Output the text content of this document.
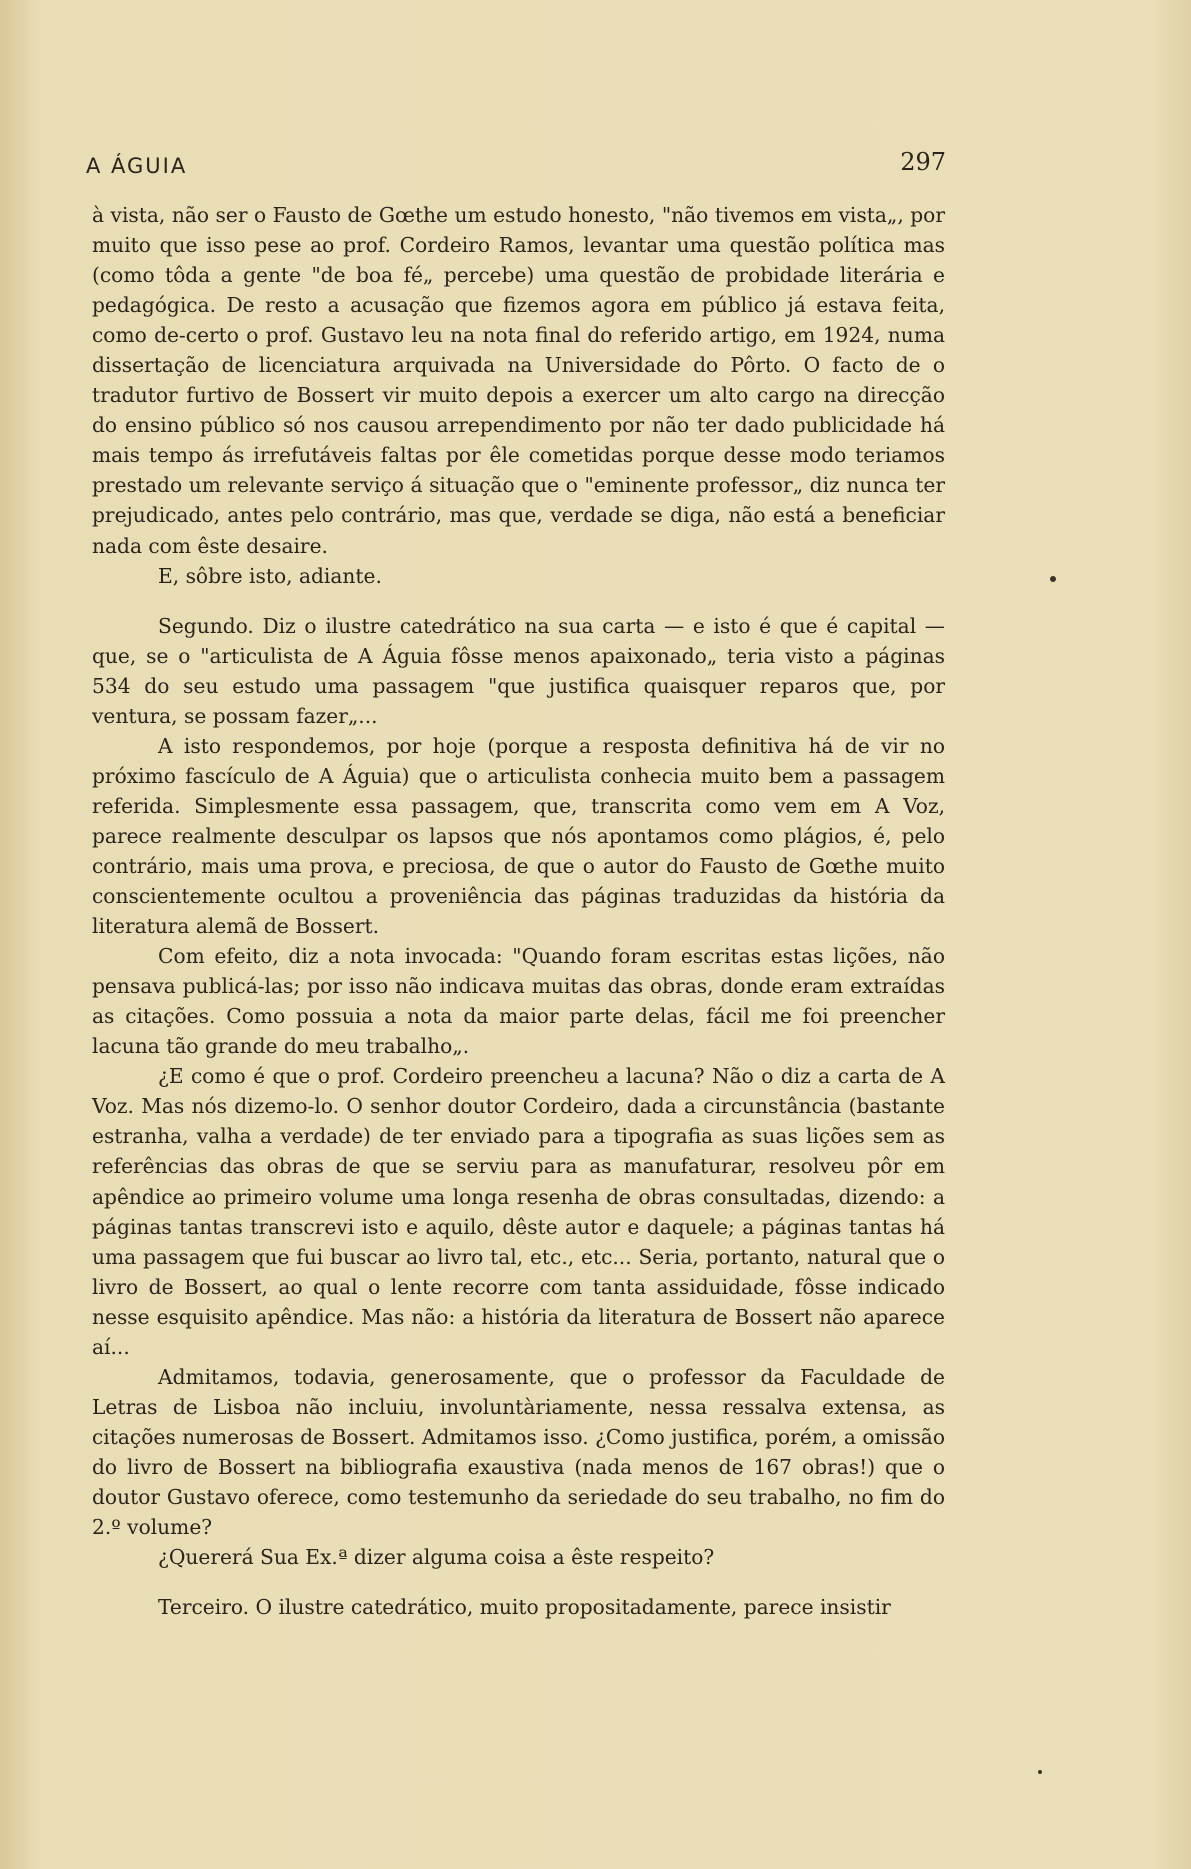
A ÁGUIA	297

à vista, não ser o Fausto de Gœthe um estudo honesto, "não tivemos em vista„, por muito que isso pese ao prof. Cordeiro Ramos, levantar uma questão política mas (como tôda a gente "de boa fé„ percebe) uma questão de probidade literária e pedagógica. De resto a acusação que fizemos agora em público já estava feita, como de-certo o prof. Gustavo leu na nota final do referido artigo, em 1924, numa dissertação de licenciatura arquivada na Universidade do Pôrto. O facto de o tradutor furtivo de Bossert vir muito depois a exercer um alto cargo na direcção do ensino público só nos causou arrependimento por não ter dado publicidade há mais tempo ás irrefutáveis faltas por êle cometidas porque desse modo teriamos prestado um relevante serviço á situação que o "eminente professor„ diz nunca ter prejudicado, antes pelo contrário, mas que, verdade se diga, não está a beneficiar nada com êste desaire.

E, sôbre isto, adiante.

Segundo. Diz o ilustre catedrático na sua carta — e isto é que é capital — que, se o "articulista de A Águia fôsse menos apaixonado„ teria visto a páginas 534 do seu estudo uma passagem "que justifica quaisquer reparos que, por ventura, se possam fazer„...

A isto respondemos, por hoje (porque a resposta definitiva há de vir no próximo fascículo de A Águia) que o articulista conhecia muito bem a passagem referida. Simplesmente essa passagem, que, transcrita como vem em A Voz, parece realmente desculpar os lapsos que nós apontamos como plágios, é, pelo contrário, mais uma prova, e preciosa, de que o autor do Fausto de Gœthe muito conscientemente ocultou a proveniência das páginas traduzidas da história da literatura alemã de Bossert.

Com efeito, diz a nota invocada: "Quando foram escritas estas lições, não pensava publicá-las; por isso não indicava muitas das obras, donde eram extraídas as citações. Como possuia a nota da maior parte delas, fácil me foi preencher lacuna tão grande do meu trabalho„.

¿E como é que o prof. Cordeiro preencheu a lacuna? Não o diz a carta de A Voz. Mas nós dizemo-lo. O senhor doutor Cordeiro, dada a circunstância (bastante estranha, valha a verdade) de ter enviado para a tipografia as suas lições sem as referências das obras de que se serviu para as manufaturar, resolveu pôr em apêndice ao primeiro volume uma longa resenha de obras consultadas, dizendo: a páginas tantas transcrevi isto e aquilo, dêste autor e daquele; a páginas tantas há uma passagem que fui buscar ao livro tal, etc., etc... Seria, portanto, natural que o livro de Bossert, ao qual o lente recorre com tanta assiduidade, fôsse indicado nesse esquisito apêndice. Mas não: a história da literatura de Bossert não aparece aí...

Admitamos, todavia, generosamente, que o professor da Faculdade de Letras de Lisboa não incluiu, involuntàriamente, nessa ressalva extensa, as citações numerosas de Bossert. Admitamos isso. ¿Como justifica, porém, a omissão do livro de Bossert na bibliografia exaustiva (nada menos de 167 obras!) que o doutor Gustavo oferece, como testemunho da seriedade do seu trabalho, no fim do 2.º volume?

¿Quererá Sua Ex.ª dizer alguma coisa a êste respeito?

Terceiro. O ilustre catedrático, muito propositadamente, parece insistir
